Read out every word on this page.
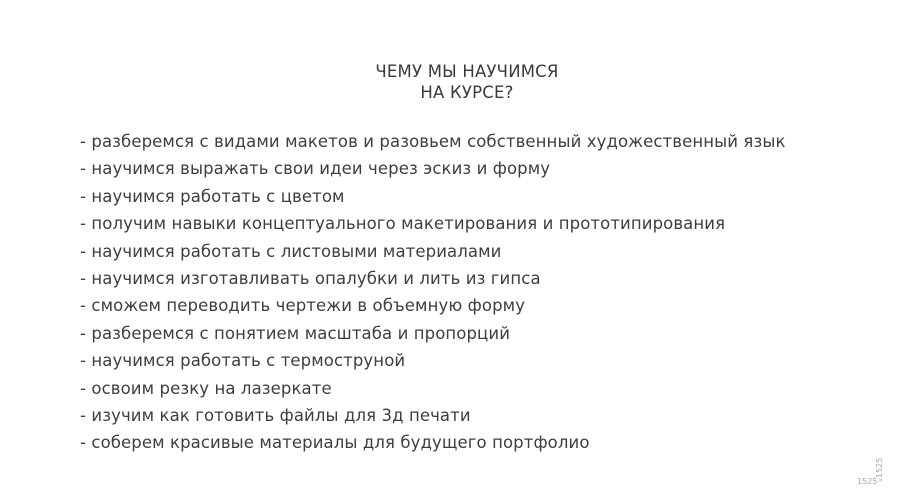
ЧЕМУ МЫ НАУЧИМСЯ
НА КУРСЕ?
- разберемся с видами макетов и разовьем собственный художественный язык
- научимся выражать свои идеи через эскиз и форму
- научимся работать с цветом
- получим навыки концептуального макетирования и прототипирования
- научимся работать с листовыми материалами
- научимся изготавливать опалубки и лить из гипса
- сможем переводить чертежи в объемную форму
- разберемся с понятием масштаба и пропорций
- научимся работать с термоструной
- освоим резку на лазеркате
- изучим как готовить файлы для 3д печати
- соберем красивые материалы для будущего портфолио
1525 ×
1525
